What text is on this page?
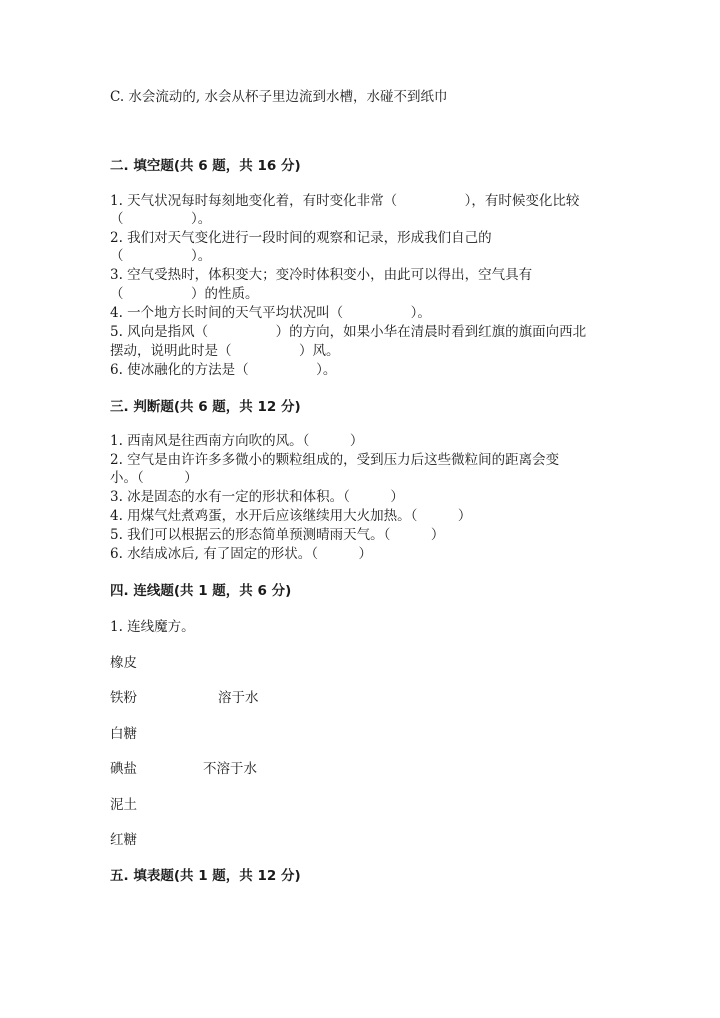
C. 水会流动的, 水会从杯子里边流到水槽，水碰不到纸巾

二. 填空题(共 6 题，共 16 分)

1. 天气状况每时每刻地变化着，有时变化非常（　　　　　），有时候变化比较

（　　　　　）。

2. 我们对天气变化进行一段时间的观察和记录，形成我们自己的

（　　　　　）。

3. 空气受热时，体积变大；变冷时体积变小，由此可以得出，空气具有

（　　　　　）的性质。

4. 一个地方长时间的天气平均状况叫（　　　　　）。

5. 风向是指风（　　　　　）的方向，如果小华在清晨时看到红旗的旗面向西北

摆动，说明此时是（　　　　　）风。

6. 使冰融化的方法是（　　　　　）。

三. 判断题(共 6 题，共 12 分)

1. 西南风是往西南方向吹的风。（　　　）

2. 空气是由许许多多微小的颗粒组成的，受到压力后这些微粒间的距离会变

小。（　　　）

3. 冰是固态的水有一定的形状和体积。（　　　）

4. 用煤气灶煮鸡蛋，水开后应该继续用大火加热。（　　　）

5. 我们可以根据云的形态简单预测晴雨天气。（　　　）

6. 水结成冰后, 有了固定的形状。（　　　）

四. 连线题(共 1 题，共 6 分)

1. 连线魔方。

橡皮

铁粉	溶于水

白糖

碘盐	不溶于水

泥土

红糖

五. 填表题(共 1 题，共 12 分)
